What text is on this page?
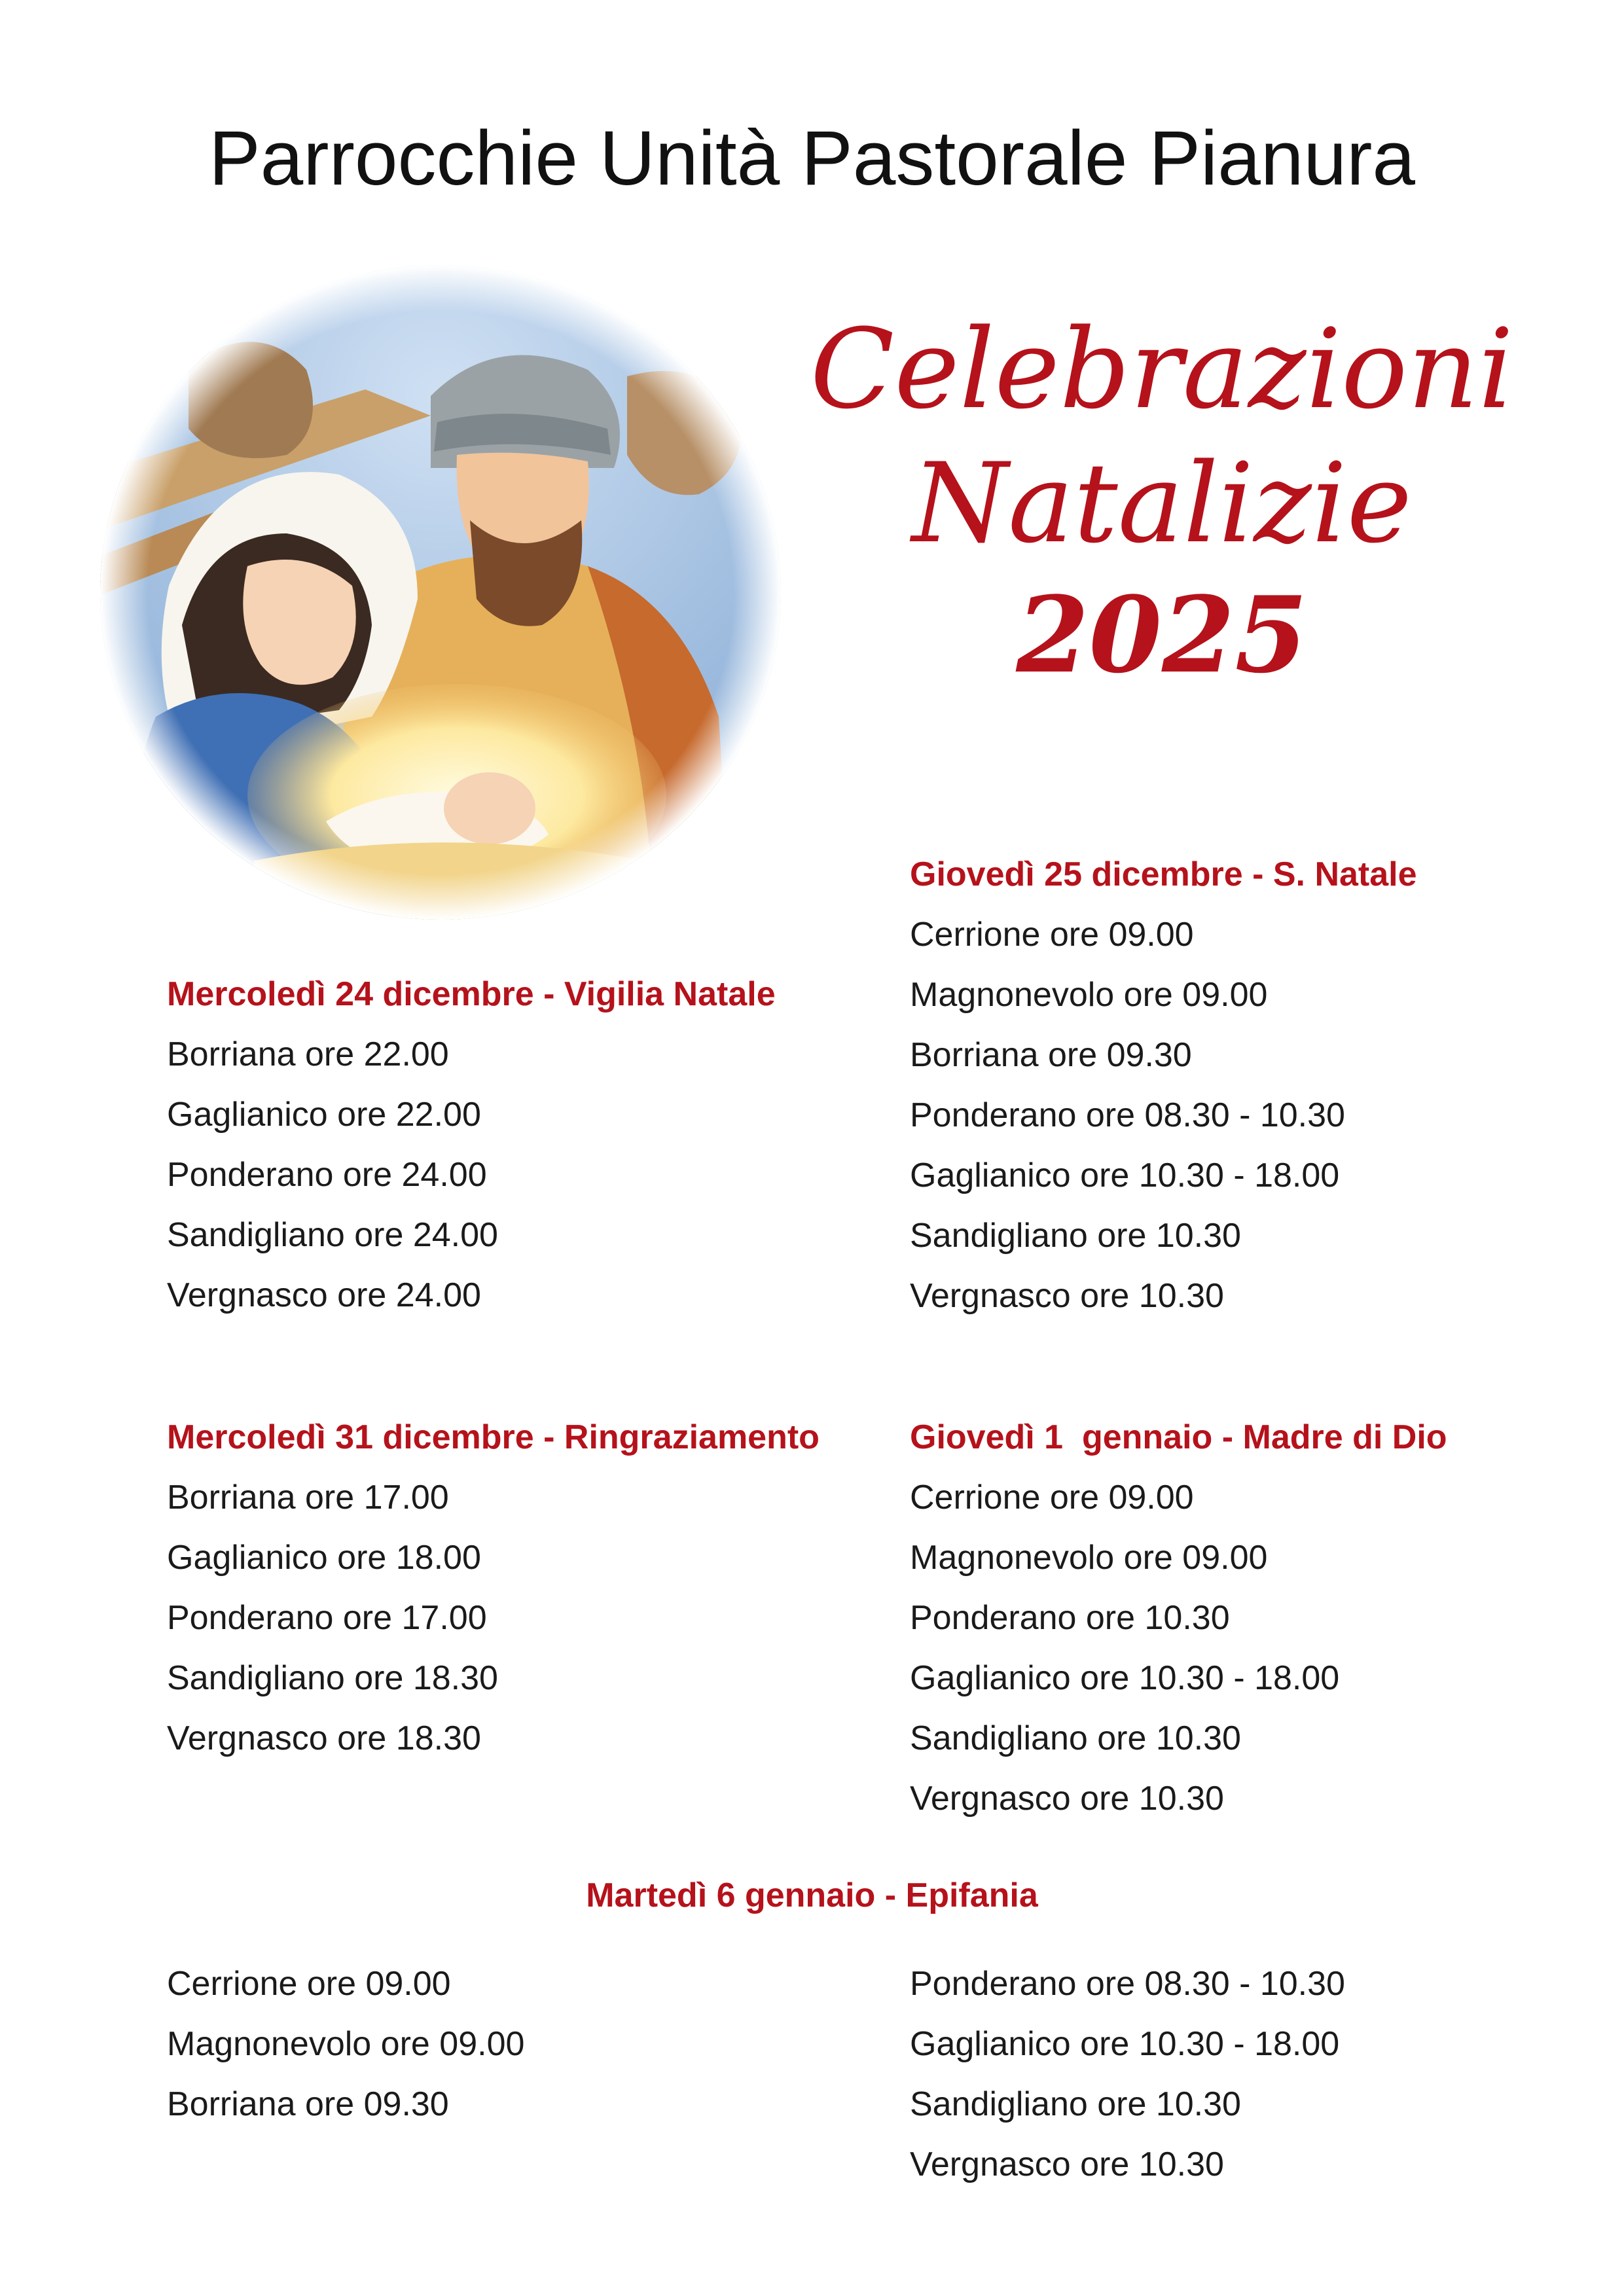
Parrocchie Unità Pastorale Pianura
Celebrazioni
Natalizie
2025
Giovedì 25 dicembre - S. Natale
Cerrione ore 09.00
Magnonevolo ore 09.00
Borriana ore 09.30
Ponderano ore 08.30 - 10.30
Gaglianico ore 10.30 - 18.00
Sandigliano ore 10.30
Vergnasco ore 10.30
Mercoledì 24 dicembre - Vigilia Natale
Borriana ore 22.00
Gaglianico ore 22.00
Ponderano ore 24.00
Sandigliano ore 24.00
Vergnasco ore 24.00
Mercoledì 31 dicembre - Ringraziamento
Borriana ore 17.00
Gaglianico ore 18.00
Ponderano ore 17.00
Sandigliano ore 18.30
Vergnasco ore 18.30
Giovedì 1  gennaio - Madre di Dio
Cerrione ore 09.00
Magnonevolo ore 09.00
Ponderano ore 10.30
Gaglianico ore 10.30 - 18.00
Sandigliano ore 10.30
Vergnasco ore 10.30
Martedì 6 gennaio - Epifania
Cerrione ore 09.00
Magnonevolo ore 09.00
Borriana ore 09.30
Ponderano ore 08.30 - 10.30
Gaglianico ore 10.30 - 18.00
Sandigliano ore 10.30
Vergnasco ore 10.30
